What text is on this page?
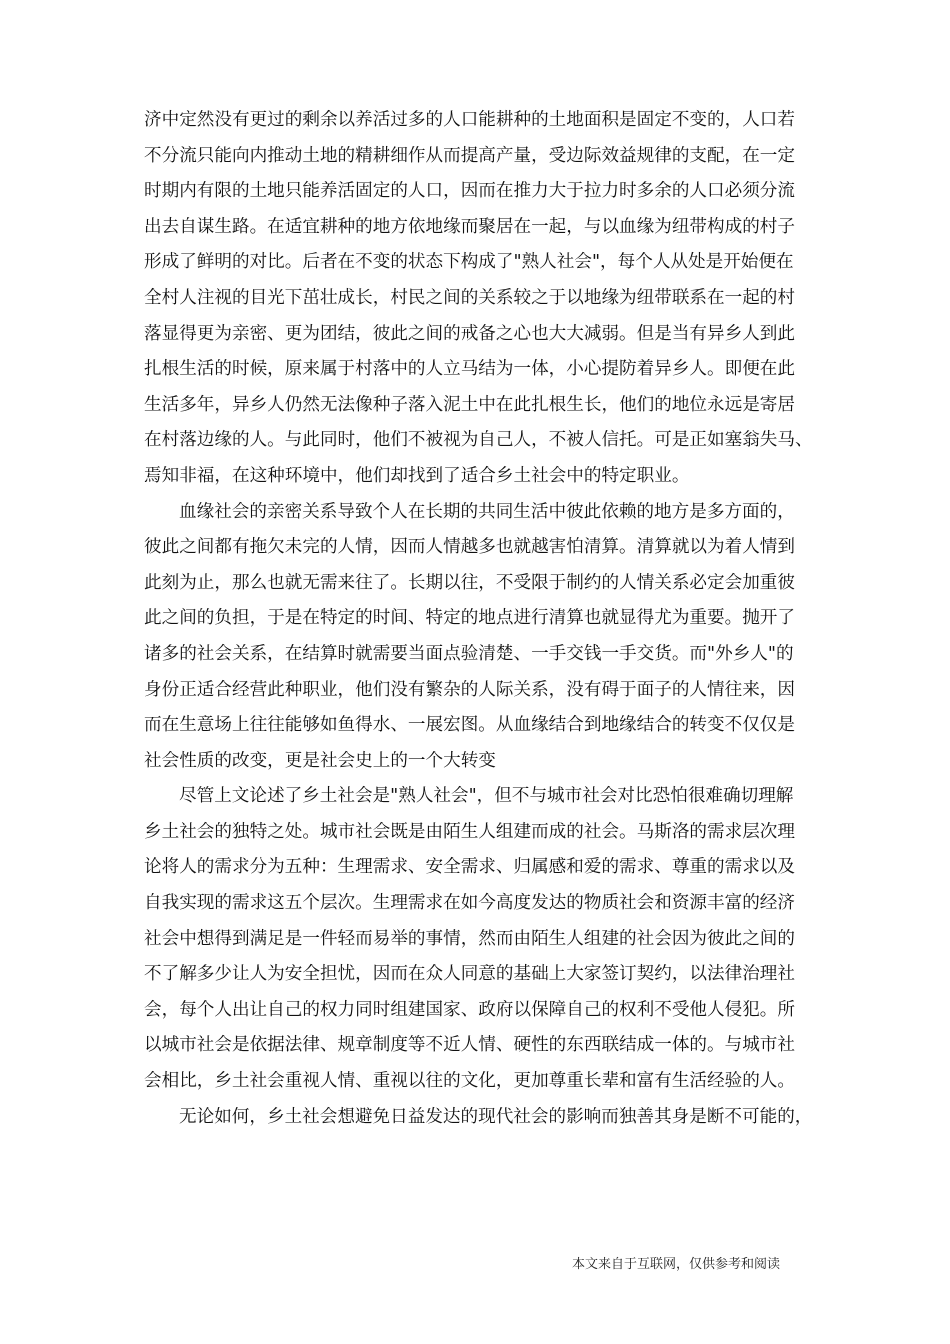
济中定然没有更过的剩余以养活过多的人口能耕种的土地面积是固定不变的，人口若
不分流只能向内推动土地的精耕细作从而提高产量，受边际效益规律的支配，在一定
时期内有限的土地只能养活固定的人口，因而在推力大于拉力时多余的人口必须分流
出去自谋生路。在适宜耕种的地方依地缘而聚居在一起，与以血缘为纽带构成的村子
形成了鲜明的对比。后者在不变的状态下构成了"熟人社会"，每个人从处是开始便在
全村人注视的目光下茁壮成长，村民之间的关系较之于以地缘为纽带联系在一起的村
落显得更为亲密、更为团结，彼此之间的戒备之心也大大减弱。但是当有异乡人到此
扎根生活的时候，原来属于村落中的人立马结为一体，小心提防着异乡人。即便在此
生活多年，异乡人仍然无法像种子落入泥土中在此扎根生长，他们的地位永远是寄居
在村落边缘的人。与此同时，他们不被视为自己人，不被人信托。可是正如塞翁失马、
焉知非福，在这种环境中，他们却找到了适合乡土社会中的特定职业。
血缘社会的亲密关系导致个人在长期的共同生活中彼此依赖的地方是多方面的，
彼此之间都有拖欠未完的人情，因而人情越多也就越害怕清算。清算就以为着人情到
此刻为止，那么也就无需来往了。长期以往，不受限于制约的人情关系必定会加重彼
此之间的负担，于是在特定的时间、特定的地点进行清算也就显得尤为重要。抛开了
诸多的社会关系，在结算时就需要当面点验清楚、一手交钱一手交货。而"外乡人"的
身份正适合经营此种职业，他们没有繁杂的人际关系，没有碍于面子的人情往来，因
而在生意场上往往能够如鱼得水、一展宏图。从血缘结合到地缘结合的转变不仅仅是
社会性质的改变，更是社会史上的一个大转变
尽管上文论述了乡土社会是"熟人社会"，但不与城市社会对比恐怕很难确切理解
乡土社会的独特之处。城市社会既是由陌生人组建而成的社会。马斯洛的需求层次理
论将人的需求分为五种：生理需求、安全需求、归属感和爱的需求、尊重的需求以及
自我实现的需求这五个层次。生理需求在如今高度发达的物质社会和资源丰富的经济
社会中想得到满足是一件轻而易举的事情，然而由陌生人组建的社会因为彼此之间的
不了解多少让人为安全担忧，因而在众人同意的基础上大家签订契约，以法律治理社
会，每个人出让自己的权力同时组建国家、政府以保障自己的权利不受他人侵犯。所
以城市社会是依据法律、规章制度等不近人情、硬性的东西联结成一体的。与城市社
会相比，乡土社会重视人情、重视以往的文化，更加尊重长辈和富有生活经验的人。
无论如何，乡土社会想避免日益发达的现代社会的影响而独善其身是断不可能的，
本文来自于互联网，仅供参考和阅读
